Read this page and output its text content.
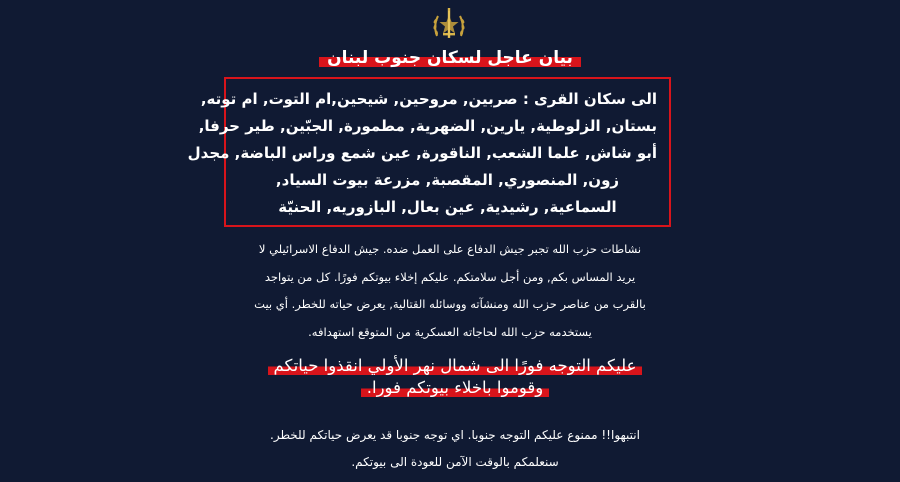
بيان عاجل لسكان جنوب لبنان
الى سكان القرى : صربين, مروحين, شيحين,ام التوت, ام توته,
بستان, الزلوطية, يارين, الضهرية, مطمورة, الجبّين, طير حرفا,
أبو شاش, علما الشعب, الناقورة, عين شمع وراس الباضة, مجدل
زون, المنصوري, المقصبة, مزرعة بيوت السياد,
السماعية, رشيدية, عين بعال, البازوريه, الحنيّة
نشاطات حزب الله تجبر جيش الدفاع على العمل ضده. جيش الدفاع الاسرائيلي لا
يريد المساس بكم, ومن أجل سلامتكم. عليكم إخلاء بيوتكم فورًا. كل من يتواجد
بالقرب من عناصر حزب الله ومنشآته ووسائله القتالية, يعرض حياته للخطر. أي بيت
يستخدمه حزب الله لحاجاته العسكرية من المتوقع استهدافه.
عليكم التوجه فورًا الى شمال نهر الأولي انقذوا حياتكم
وقوموا باخلاء بيوتكم فورا.
انتبهوا!! ممنوع عليكم التوجه جنوبا. اي توجه جنوبا قد يعرض حياتكم للخطر.
سنعلمكم بالوقت الآمن للعودة الى بيوتكم.
